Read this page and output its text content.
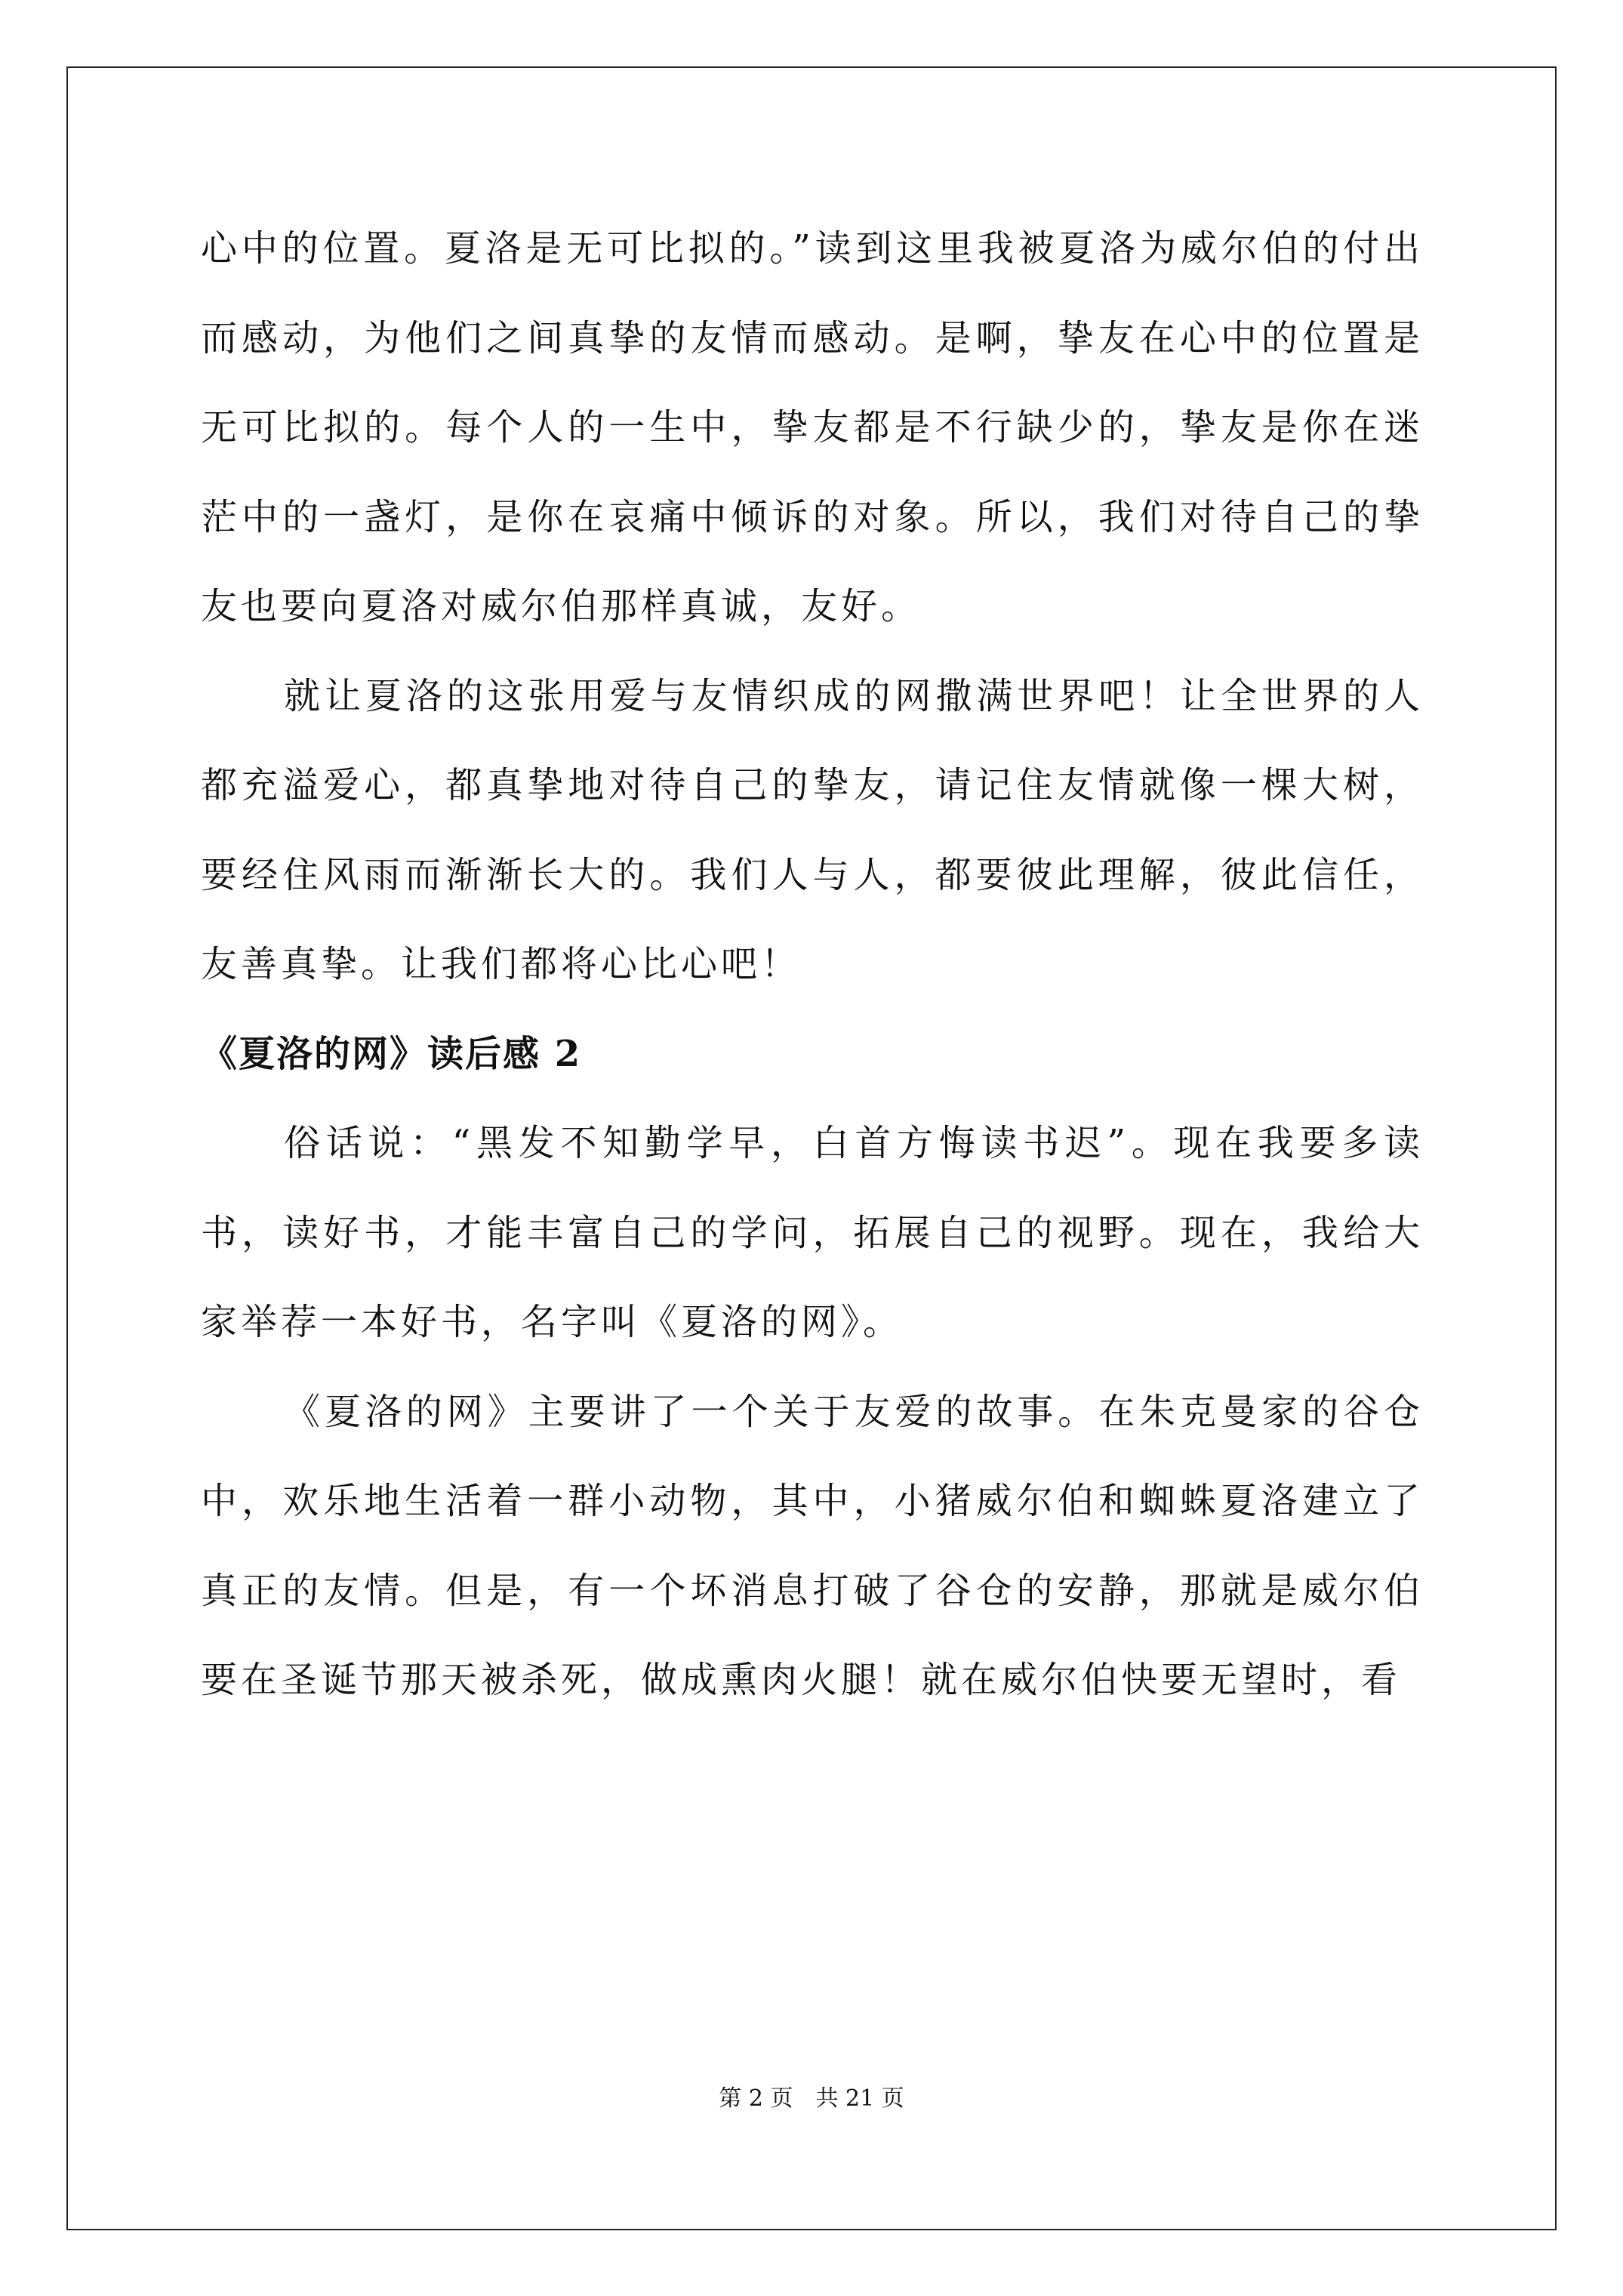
心中的位置。夏洛是无可比拟的。”读到这里我被夏洛为威尔伯的付出而感动，为他们之间真挚的友情而感动。是啊，挚友在心中的位置是无可比拟的。每个人的一生中，挚友都是不行缺少的，挚友是你在迷茫中的一盏灯，是你在哀痛中倾诉的对象。所以，我们对待自己的挚友也要向夏洛对威尔伯那样真诚，友好。

就让夏洛的这张用爱与友情织成的网撒满世界吧！让全世界的人都充溢爱心，都真挚地对待自己的挚友，请记住友情就像一棵大树，要经住风雨而渐渐长大的。我们人与人，都要彼此理解，彼此信任，友善真挚。让我们都将心比心吧！

《夏洛的网》读后感 2

俗话说：“黑发不知勤学早，白首方悔读书迟”。现在我要多读书，读好书，才能丰富自己的学问，拓展自己的视野。现在，我给大家举荐一本好书，名字叫《夏洛的网》。

《夏洛的网》主要讲了一个关于友爱的故事。在朱克曼家的谷仓中，欢乐地生活着一群小动物，其中，小猪威尔伯和蜘蛛夏洛建立了真正的友情。但是，有一个坏消息打破了谷仓的安静，那就是威尔伯要在圣诞节那天被杀死，做成熏肉火腿！就在威尔伯快要无望时，看

第 2 页 共 21 页
